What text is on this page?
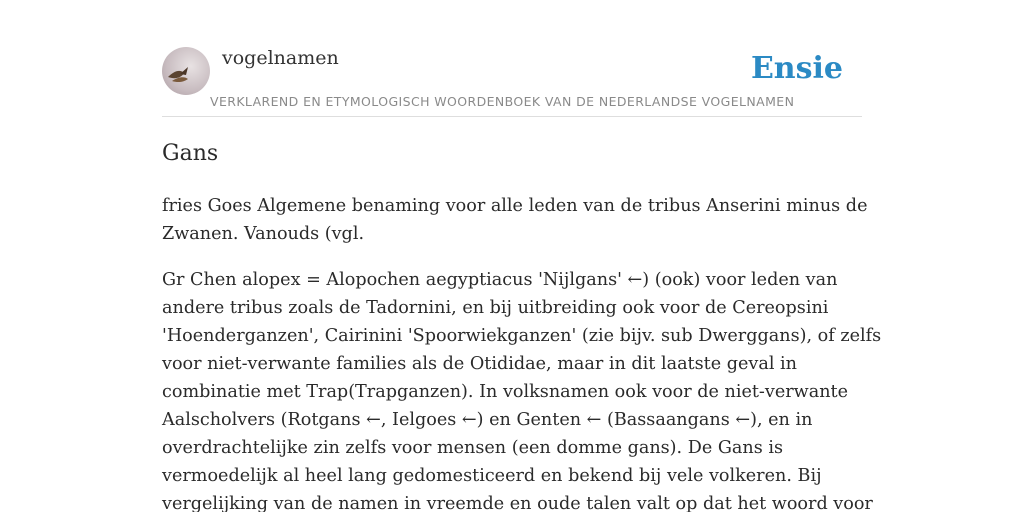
vogelnamen	Ensie
VERKLAREND EN ETYMOLOGISCH WOORDENBOEK VAN DE NEDERLANDSE VOGELNAMEN
Gans

fries Goes Algemene benaming voor alle leden van de tribus Anserini minus de
Zwanen. Vanouds (vgl.

Gr Chen alopex = Alopochen aegyptiacus 'Nijlgans' ←) (ook) voor leden van
andere tribus zoals de Tadornini, en bij uitbreiding ook voor de Cereopsini
'Hoenderganzen', Cairinini 'Spoorwiekganzen' (zie bijv. sub Dwerggans), of zelfs
voor niet-verwante families als de Otididae, maar in dit laatste geval in
combinatie met Trap(Trapganzen). In volksnamen ook voor de niet-verwante
Aalscholvers (Rotgans ←, Ielgoes ←) en Genten ← (Bassaangans ←), en in
overdrachtelijke zin zelfs voor mensen (een domme gans). De Gans is
vermoedelijk al heel lang gedomesticeerd en bekend bij vele volkeren. Bij
vergelijking van de namen in vreemde en oude talen valt op dat het woord voor
